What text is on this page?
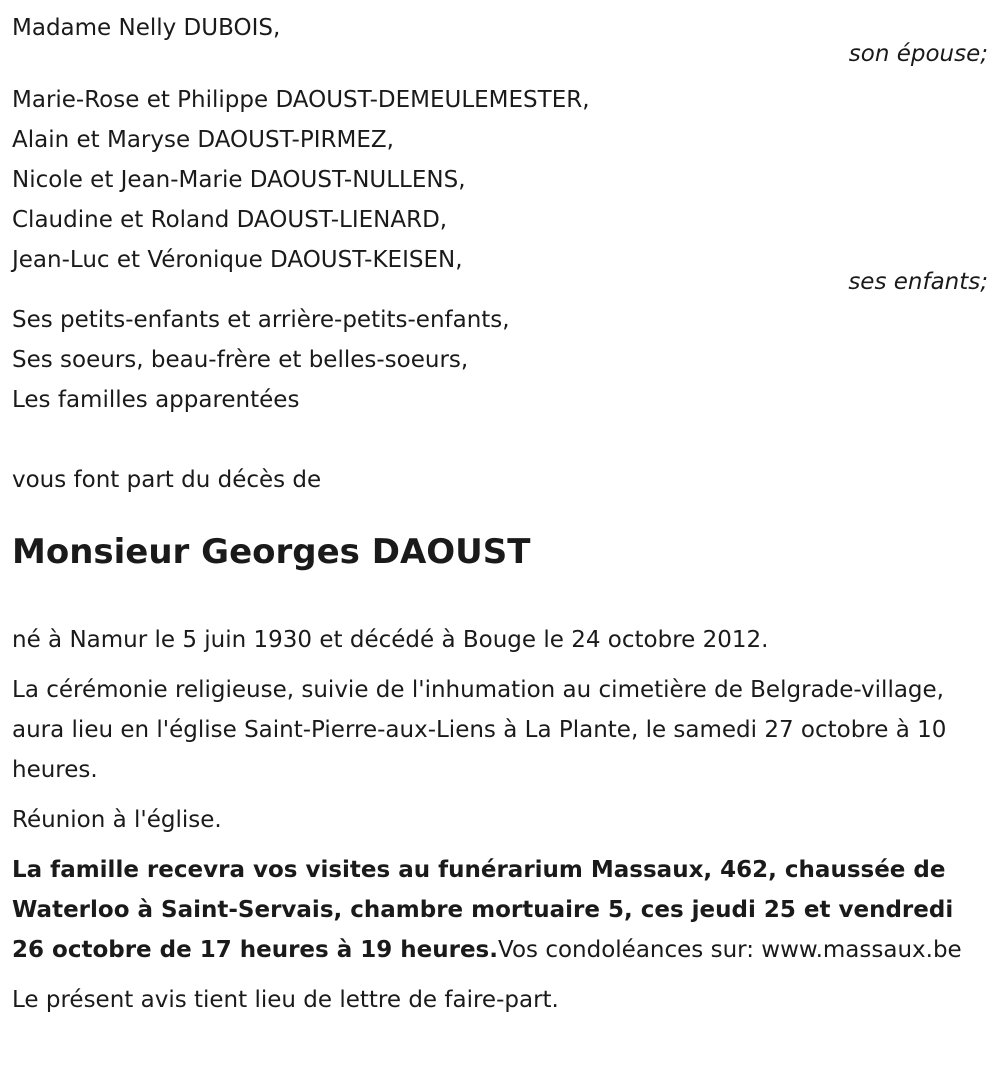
Madame Nelly DUBOIS,
son épouse;
Marie-Rose et Philippe DAOUST-DEMEULEMESTER,
Alain et Maryse DAOUST-PIRMEZ,
Nicole et Jean-Marie DAOUST-NULLENS,
Claudine et Roland DAOUST-LIENARD,
Jean-Luc et Véronique DAOUST-KEISEN,
ses enfants;
Ses petits-enfants et arrière-petits-enfants,
Ses soeurs, beau-frère et belles-soeurs,
Les familles apparentées
vous font part du décès de
Monsieur Georges DAOUST

né à Namur le 5 juin 1930 et décédé à Bouge le 24 octobre 2012.

La cérémonie religieuse, suivie de l'inhumation au cimetière de Belgrade-village, aura lieu en l'église Saint-Pierre-aux-Liens à La Plante, le samedi 27 octobre à 10 heures.

Réunion à l'église.

La famille recevra vos visites au funérarium Massaux, 462, chaussée de Waterloo à Saint-Servais, chambre mortuaire 5, ces jeudi 25 et vendredi 26 octobre de 17 heures à 19 heures.Vos condoléances sur: www.massaux.be

Le présent avis tient lieu de lettre de faire-part.
